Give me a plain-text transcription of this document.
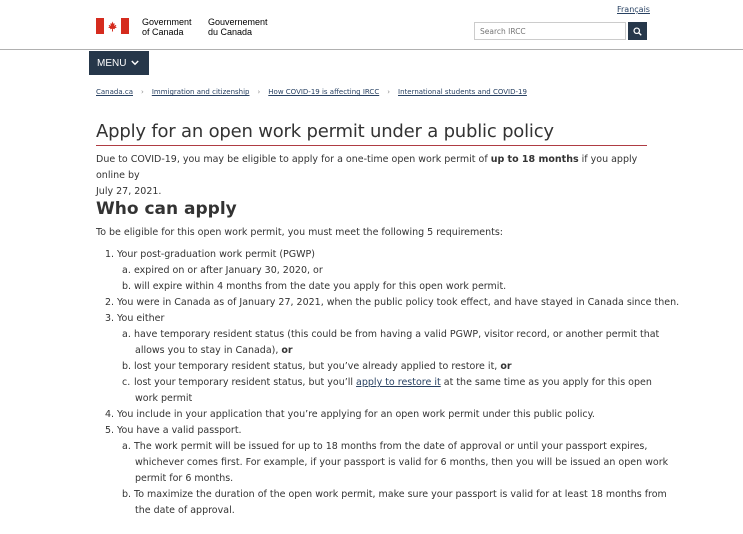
Français
Government
of Canada
Gouvernement
du Canada
Search IRCC
MENU
Canada.ca › Immigration and citizenship › How COVID-19 is affecting IRCC › International students and COVID-19
Apply for an open work permit under a public policy

Due to COVID-19, you may be eligible to apply for a one-time open work permit of up to 18 months if you apply online by
July 27, 2021.

Who can apply

To be eligible for this open work permit, you must meet the following 5 requirements:

1. Your post-graduation work permit (PGWP)
a. expired on or after January 30, 2020, or
b. will expire within 4 months from the date you apply for this open work permit.
2. You were in Canada as of January 27, 2021, when the public policy took effect, and have stayed in Canada since then.
3. You either
a. have temporary resident status (this could be from having a valid PGWP, visitor record, or another permit that
allows you to stay in Canada), or
b. lost your temporary resident status, but you’ve already applied to restore it, or
c. lost your temporary resident status, but you’ll apply to restore it at the same time as you apply for this open
work permit
4. You include in your application that you’re applying for an open work permit under this public policy.
5. You have a valid passport.
a. The work permit will be issued for up to 18 months from the date of approval or until your passport expires,
whichever comes first. For example, if your passport is valid for 6 months, then you will be issued an open work
permit for 6 months.
b. To maximize the duration of the open work permit, make sure your passport is valid for at least 18 months from
the date of approval.
